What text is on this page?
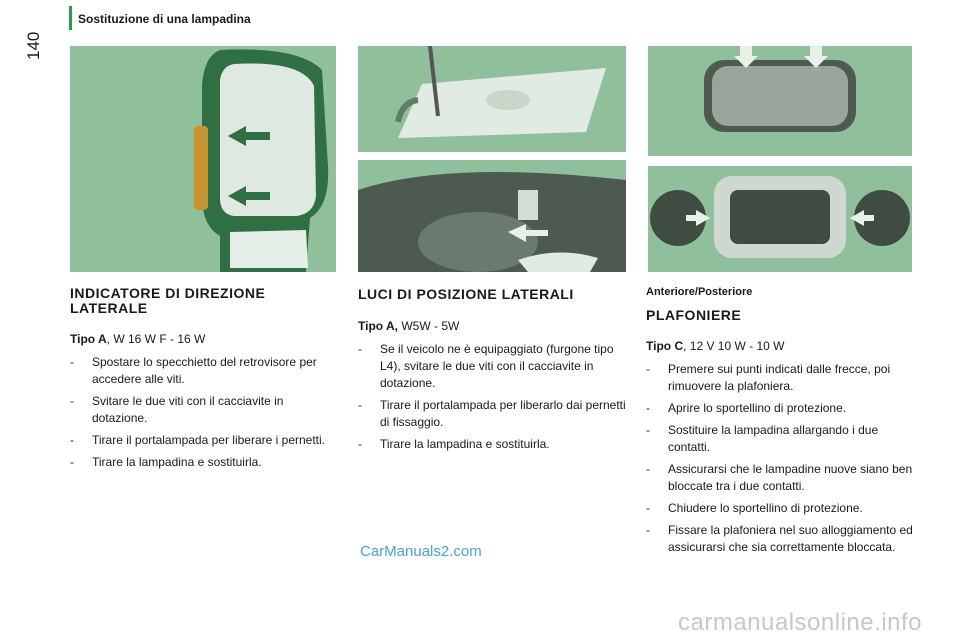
Sostituzione di una lampadina
140
INDICATORE DI DIREZIONE
LATERALE

Tipo A, W 16 W F - 16 W

- Spostare lo specchietto del retrovisore per accedere alle viti.
- Svitare le due viti con il cacciavite in dotazione.
- Tirare il portalampada per liberare i pernetti.
- Tirare la lampadina e sostituirla.
LUCI DI POSIZIONE LATERALI

Tipo A, W5W - 5W

- Se il veicolo ne è equipaggiato (furgone tipo L4), svitare le due viti con il cacciavite in dotazione.
- Tirare il portalampada per liberarlo dai pernetti di fissaggio.
- Tirare la lampadina e sostituirla.
Anteriore/Posteriore
PLAFONIERE

Tipo C, 12 V 10 W - 10 W

- Premere sui punti indicati dalle frecce, poi rimuovere la plafoniera.
- Aprire lo sportellino di protezione.
- Sostituire la lampadina allargando i due contatti.
- Assicurarsi che le lampadine nuove siano ben bloccate tra i due contatti.
- Chiudere lo sportellino di protezione.
- Fissare la plafoniera nel suo alloggiamento ed assicurarsi che sia correttamente bloccata.
CarManuals2.com
carmanualsonline.info
